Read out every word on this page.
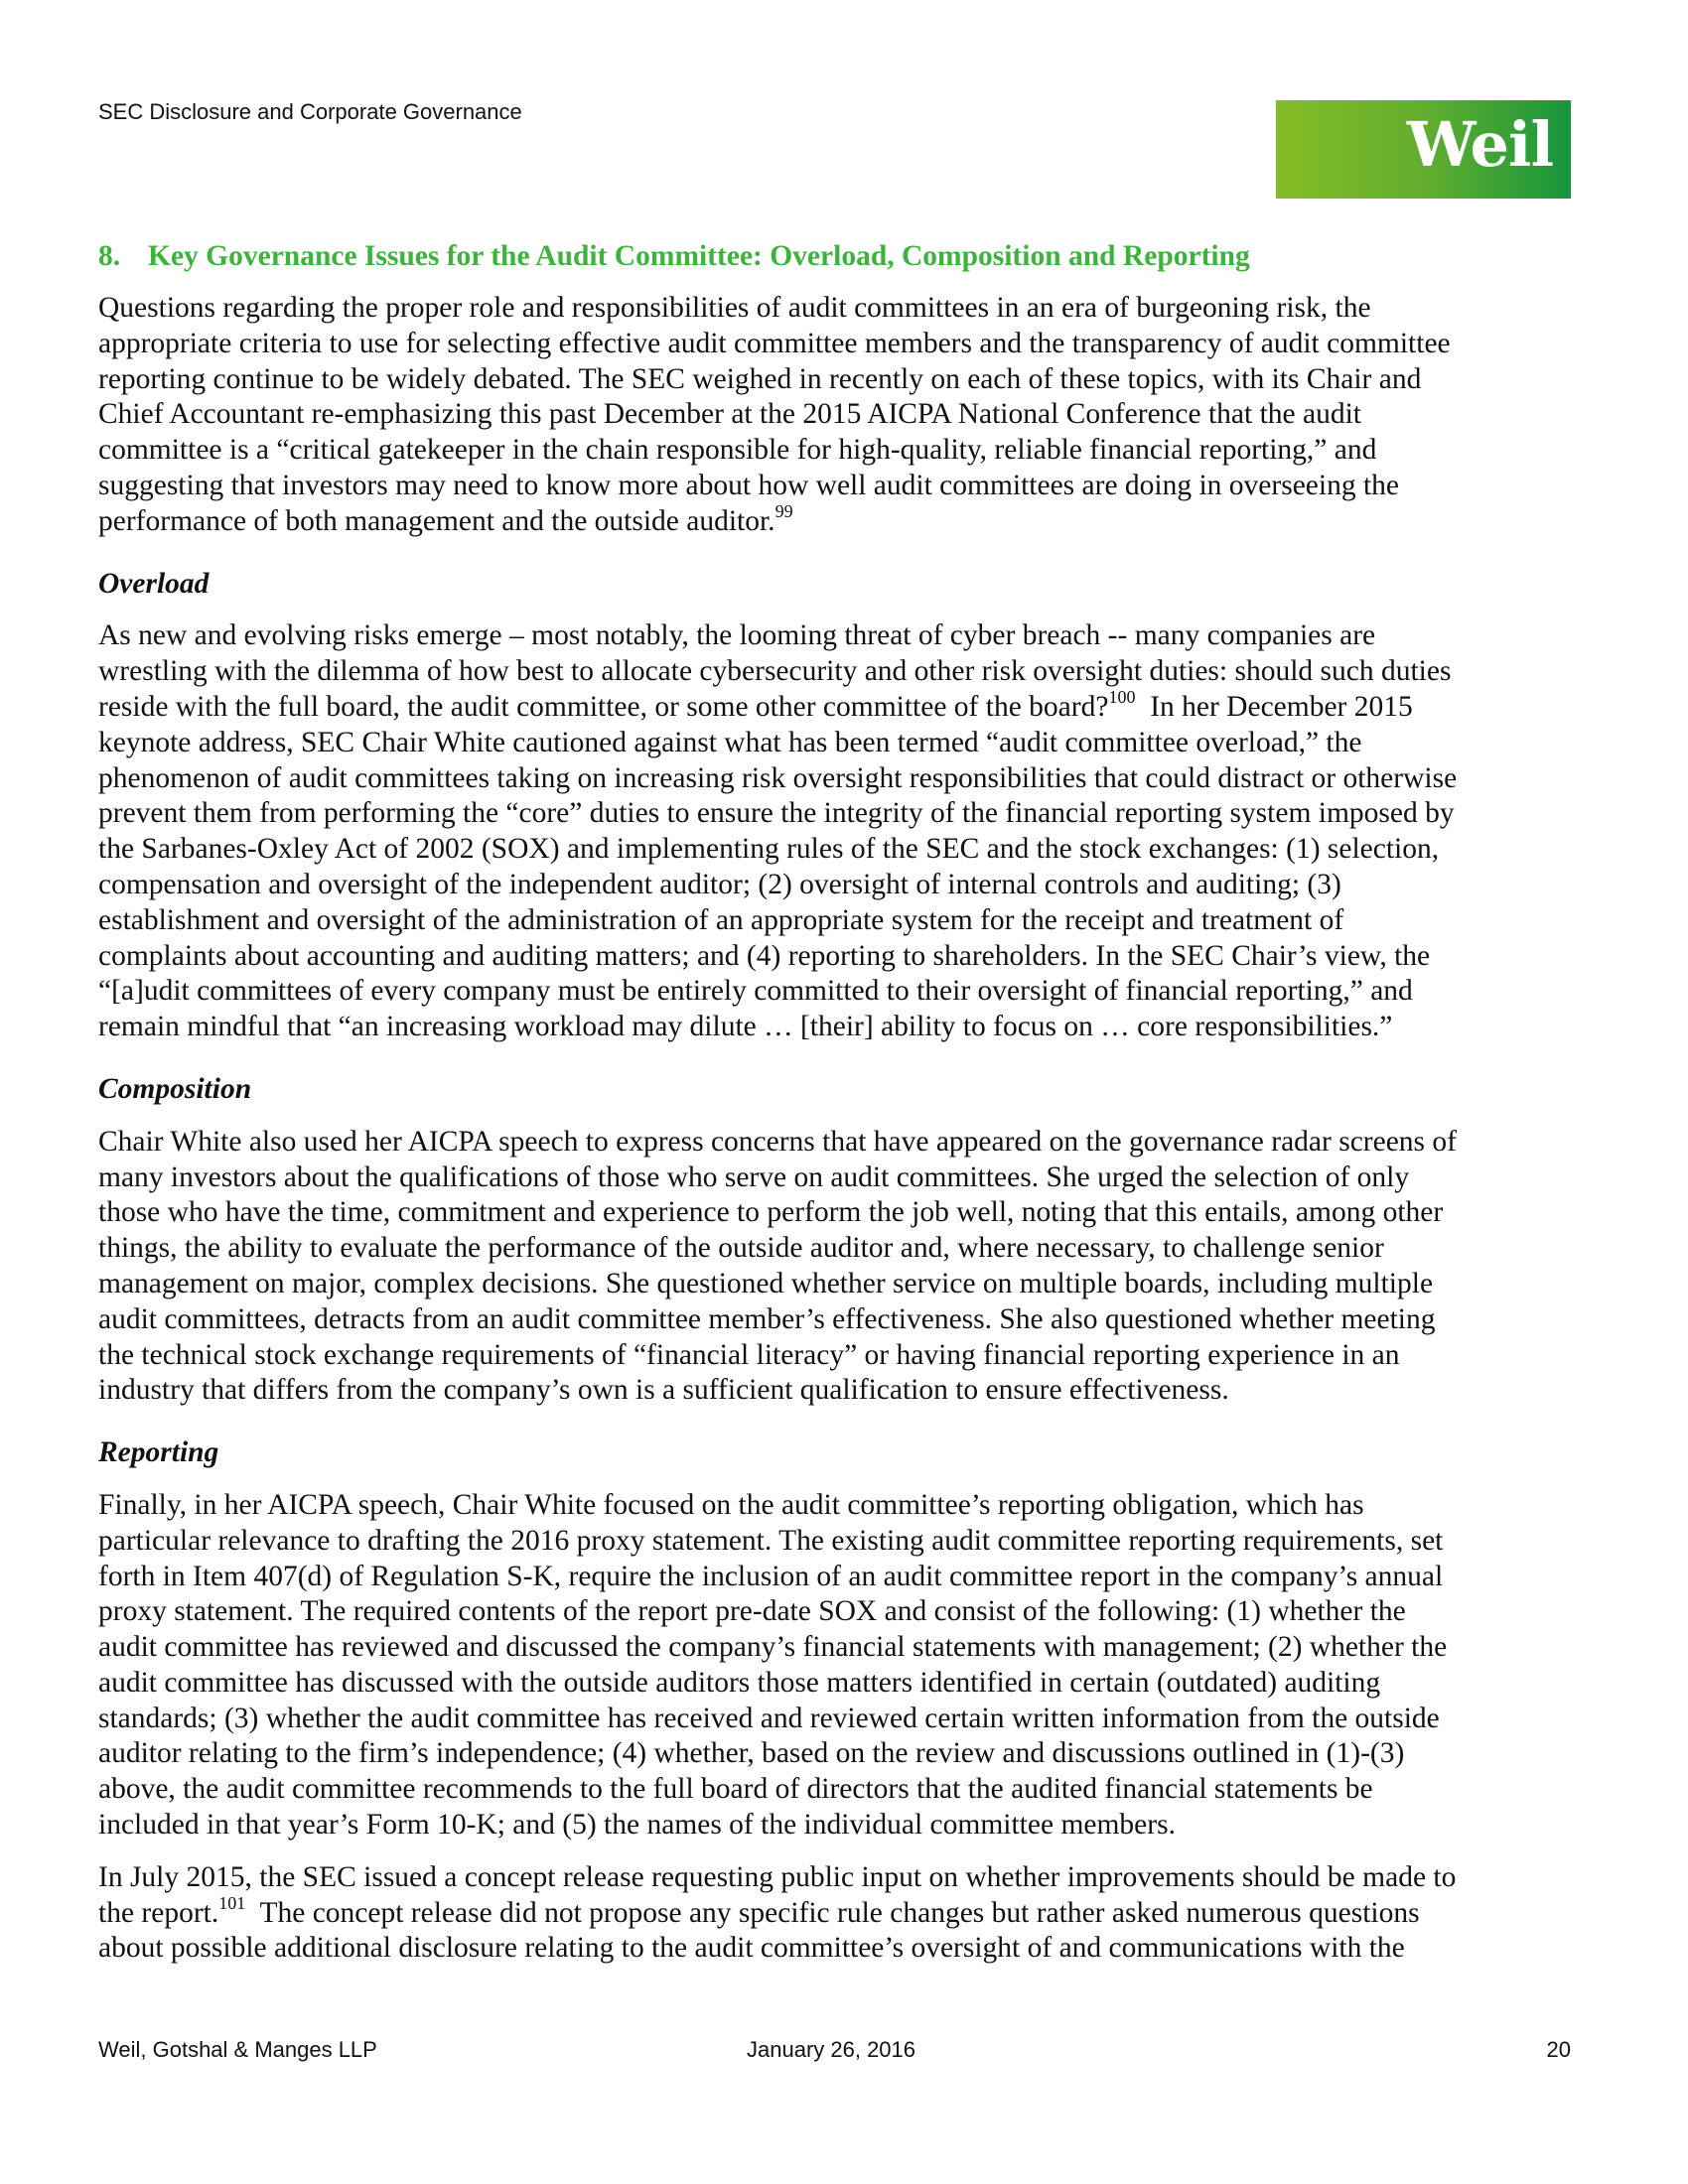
SEC Disclosure and Corporate Governance	Weil
8. Key Governance Issues for the Audit Committee: Overload, Composition and Reporting
Questions regarding the proper role and responsibilities of audit committees in an era of burgeoning risk, the
appropriate criteria to use for selecting effective audit committee members and the transparency of audit committee
reporting continue to be widely debated. The SEC weighed in recently on each of these topics, with its Chair and
Chief Accountant re-emphasizing this past December at the 2015 AICPA National Conference that the audit
committee is a “critical gatekeeper in the chain responsible for high-quality, reliable financial reporting,” and
suggesting that investors may need to know more about how well audit committees are doing in overseeing the
performance of both management and the outside auditor.$^{99}$
Overload
As new and evolving risks emerge – most notably, the looming threat of cyber breach -- many companies are
wrestling with the dilemma of how best to allocate cybersecurity and other risk oversight duties: should such duties
reside with the full board, the audit committee, or some other committee of the board?$^{100}$  In her December 2015
keynote address, SEC Chair White cautioned against what has been termed “audit committee overload,” the
phenomenon of audit committees taking on increasing risk oversight responsibilities that could distract or otherwise
prevent them from performing the “core” duties to ensure the integrity of the financial reporting system imposed by
the Sarbanes-Oxley Act of 2002 (SOX) and implementing rules of the SEC and the stock exchanges: (1) selection,
compensation and oversight of the independent auditor; (2) oversight of internal controls and auditing; (3)
establishment and oversight of the administration of an appropriate system for the receipt and treatment of
complaints about accounting and auditing matters; and (4) reporting to shareholders. In the SEC Chair’s view, the
“[a]udit committees of every company must be entirely committed to their oversight of financial reporting,” and
remain mindful that “an increasing workload may dilute … [their] ability to focus on … core responsibilities.”
Composition
Chair White also used her AICPA speech to express concerns that have appeared on the governance radar screens of
many investors about the qualifications of those who serve on audit committees. She urged the selection of only
those who have the time, commitment and experience to perform the job well, noting that this entails, among other
things, the ability to evaluate the performance of the outside auditor and, where necessary, to challenge senior
management on major, complex decisions. She questioned whether service on multiple boards, including multiple
audit committees, detracts from an audit committee member’s effectiveness. She also questioned whether meeting
the technical stock exchange requirements of “financial literacy” or having financial reporting experience in an
industry that differs from the company’s own is a sufficient qualification to ensure effectiveness.
Reporting
Finally, in her AICPA speech, Chair White focused on the audit committee’s reporting obligation, which has
particular relevance to drafting the 2016 proxy statement. The existing audit committee reporting requirements, set
forth in Item 407(d) of Regulation S-K, require the inclusion of an audit committee report in the company’s annual
proxy statement. The required contents of the report pre-date SOX and consist of the following: (1) whether the
audit committee has reviewed and discussed the company’s financial statements with management; (2) whether the
audit committee has discussed with the outside auditors those matters identified in certain (outdated) auditing
standards; (3) whether the audit committee has received and reviewed certain written information from the outside
auditor relating to the firm’s independence; (4) whether, based on the review and discussions outlined in (1)-(3)
above, the audit committee recommends to the full board of directors that the audited financial statements be
included in that year’s Form 10-K; and (5) the names of the individual committee members.
In July 2015, the SEC issued a concept release requesting public input on whether improvements should be made to
the report.$^{101}$  The concept release did not propose any specific rule changes but rather asked numerous questions
about possible additional disclosure relating to the audit committee’s oversight of and communications with the
Weil, Gotshal & Manges LLP	January 26, 2016	20
